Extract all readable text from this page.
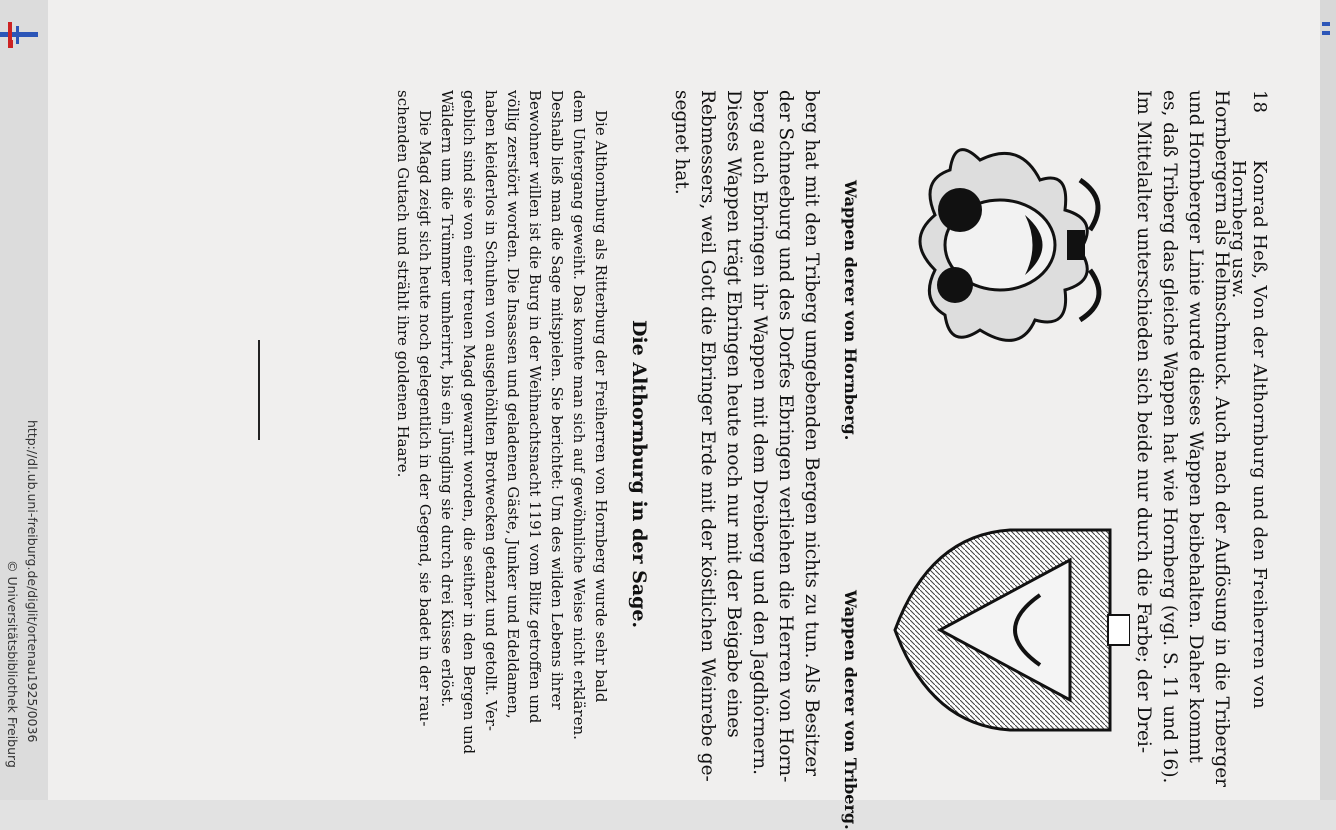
http://dl.ub.uni-freiburg.de/diglit/ortenau1925/0036
© Universitätsbibliothek Freiburg
18
Konrad Heß, Von der Althornburg und den Freiherren von Hornberg usw.
Hornbergern als Helmschmuck. Auch nach der Auflösung in die Triberger
und Hornberger Linie wurde dieses Wappen beibehalten. Daher kommt
es, daß Triberg das gleiche Wappen hat wie Hornberg (vgl. S. 11 und 16).
Im Mittelalter unterschieden sich beide nur durch die Farbe; der Drei-
Wappen derer von Hornberg.
Wappen derer von Triberg.
berg hat mit den Triberg umgebenden Bergen nichts zu tun. Als Besitzer
der Schneeburg und des Dorfes Ebringen verliehen die Herren von Horn-
berg auch Ebringen ihr Wappen mit dem Dreiberg und den Jagdhörnern.
Dieses Wappen trägt Ebringen heute noch nur mit der Beigabe eines
Rebmessers, weil Gott die Ebringer Erde mit der köstlichen Weinrebe ge-
segnet hat.
Die Althornburg in der Sage.
Die Althornburg als Ritterburg der Freiherren von Hornberg wurde sehr bald
dem Untergang geweiht. Das konnte man sich auf gewöhnliche Weise nicht erklären.
Deshalb ließ man die Sage mitspielen. Sie berichtet: Um des wilden Lebens ihrer
Bewohner willen ist die Burg in der Weihnachtsnacht 1191 vom Blitz getroffen und
völlig zerstört worden. Die Insassen und geladenen Gäste, Junker und Edeldamen,
haben kleiderlos in Schuhen von ausgehöhlten Brotwecken getanzt und getollt. Ver-
geblich sind sie von einer treuen Magd gewarnt worden, die seither in den Bergen und
Wäldern um die Trümmer umherirrt, bis ein Jüngling sie durch drei Küsse erlöst.
Die Magd zeigt sich heute noch gelegentlich in der Gegend, sie badet in der rau-
schenden Gutach und strählt ihre goldenen Haare.
